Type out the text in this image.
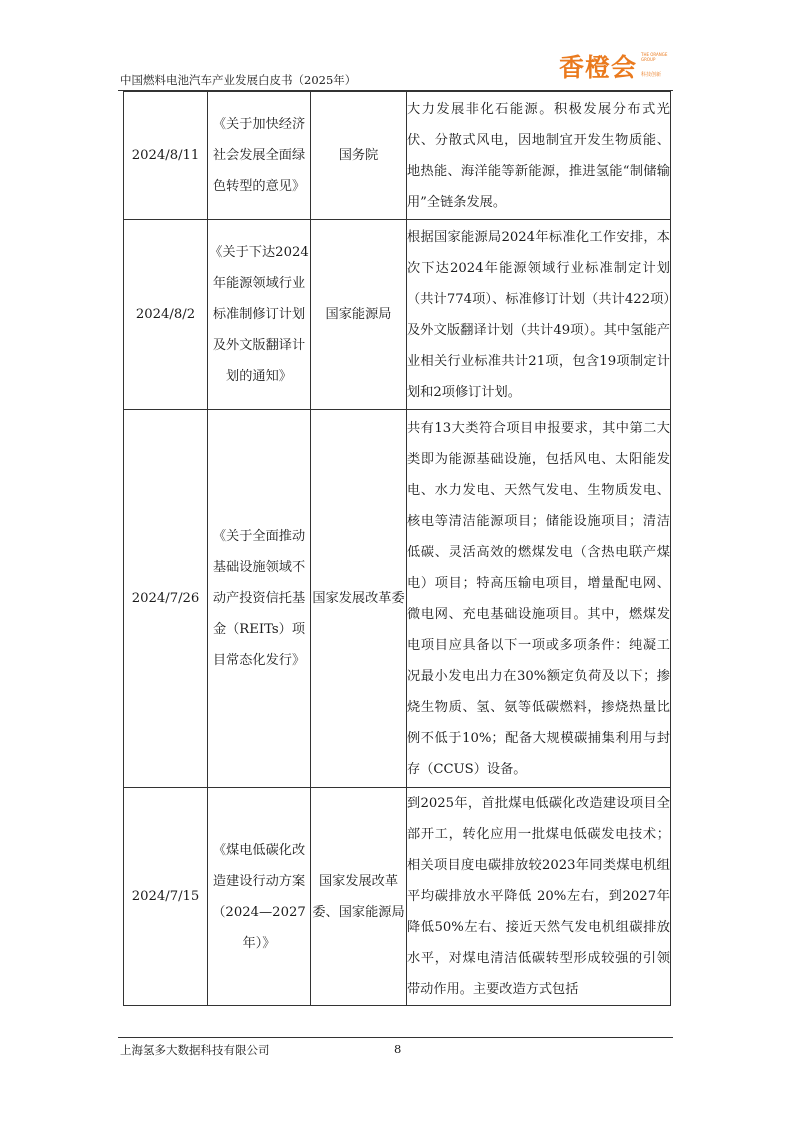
中国燃料电池汽车产业发展白皮书（2025年）	香橙会 THE ORANGE GROUP
科技创新
2024/8/11	《关于加快经济社会发展全面绿色转型的意见》	国务院	大力发展非化石能源。积极发展分布式光伏、分散式风电，因地制宜开发生物质能、地热能、海洋能等新能源，推进氢能“制储输用”全链条发展。
2024/8/2	《关于下达2024年能源领域行业标准制修订计划及外文版翻译计划的通知》	国家能源局	根据国家能源局2024年标准化工作安排，本次下达2024年能源领域行业标准制定计划（共计774项）、标准修订计划（共计422项）及外文版翻译计划（共计49项）。其中氢能产业相关行业标准共计21项，包含19项制定计划和2项修订计划。
2024/7/26	《关于全面推动基础设施领域不动产投资信托基金（REITs）项目常态化发行》	国家发展改革委	共有13大类符合项目申报要求，其中第二大类即为能源基础设施，包括风电、太阳能发电、水力发电、天然气发电、生物质发电、核电等清洁能源项目；储能设施项目；清洁低碳、灵活高效的燃煤发电（含热电联产煤电）项目；特高压输电项目，增量配电网、微电网、充电基础设施项目。其中，燃煤发电项目应具备以下一项或多项条件：纯凝工况最小发电出力在30%额定负荷及以下；掺烧生物质、氢、氨等低碳燃料，掺烧热量比例不低于10%；配备大规模碳捕集利用与封存（CCUS）设备。
2024/7/15	《煤电低碳化改造建设行动方案（2024—2027年）》	国家发展改革委、国家能源局	到2025年，首批煤电低碳化改造建设项目全部开工，转化应用一批煤电低碳发电技术；相关项目度电碳排放较2023年同类煤电机组平均碳排放水平降低 20%左右，到2027年降低50%左右、接近天然气发电机组碳排放水平，对煤电清洁低碳转型形成较强的引领带动作用。主要改造方式包括
上海氢多大数据科技有限公司	8
